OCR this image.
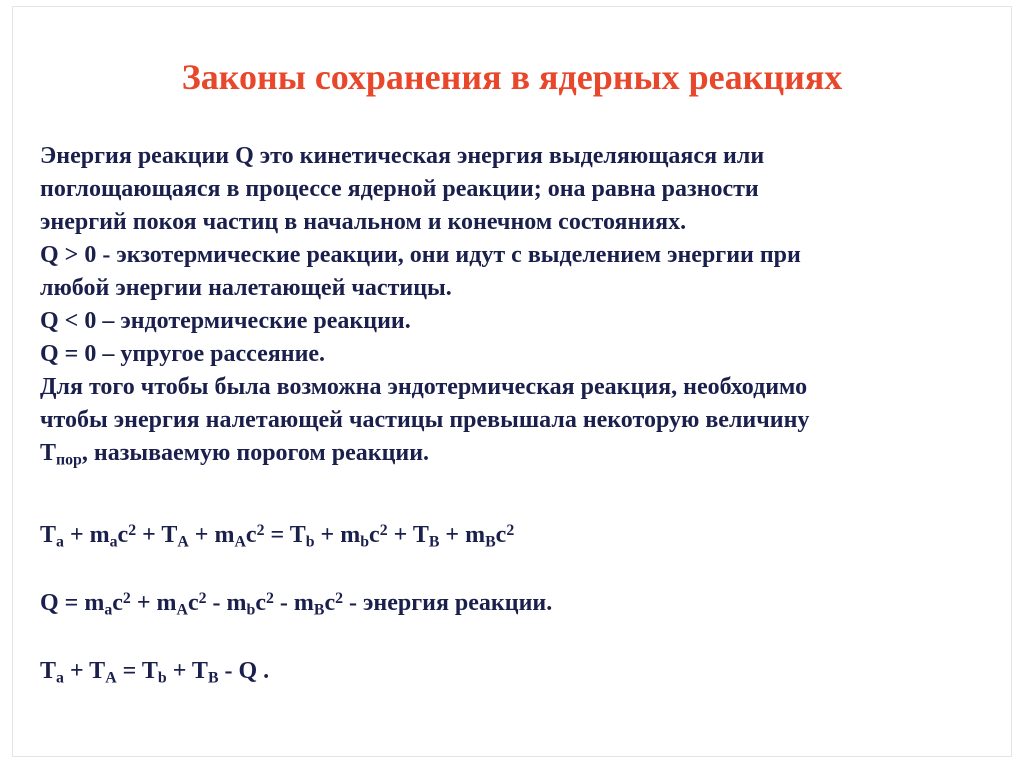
Законы сохранения в ядерных реакциях
Энергия реакции Q это кинетическая энергия выделяющаяся или
поглощающаяся в процессе ядерной реакции; она равна разности
энергий покоя частиц в начальном и конечном состояниях.
Q > 0 - экзотермические реакции, они идут с выделением энергии при
любой энергии налетающей частицы.
Q < 0 – эндотермические реакции.
Q = 0 – упругое рассеяние.
Для того чтобы была возможна эндотермическая реакция, необходимо
чтобы энергия налетающей частицы превышала некоторую величину
$T_{пор}$, называемую порогом реакции.
$T_a + m_ac^2 + T_A + m_Ac^2 = T_b + m_bc^2 + T_B + m_Bc^2$
$Q = m_ac^2 + m_Ac^2 - m_bc^2 - m_Bc^2$ - энергия реакции.
$T_a + T_A = T_b + T_B - Q$ .
